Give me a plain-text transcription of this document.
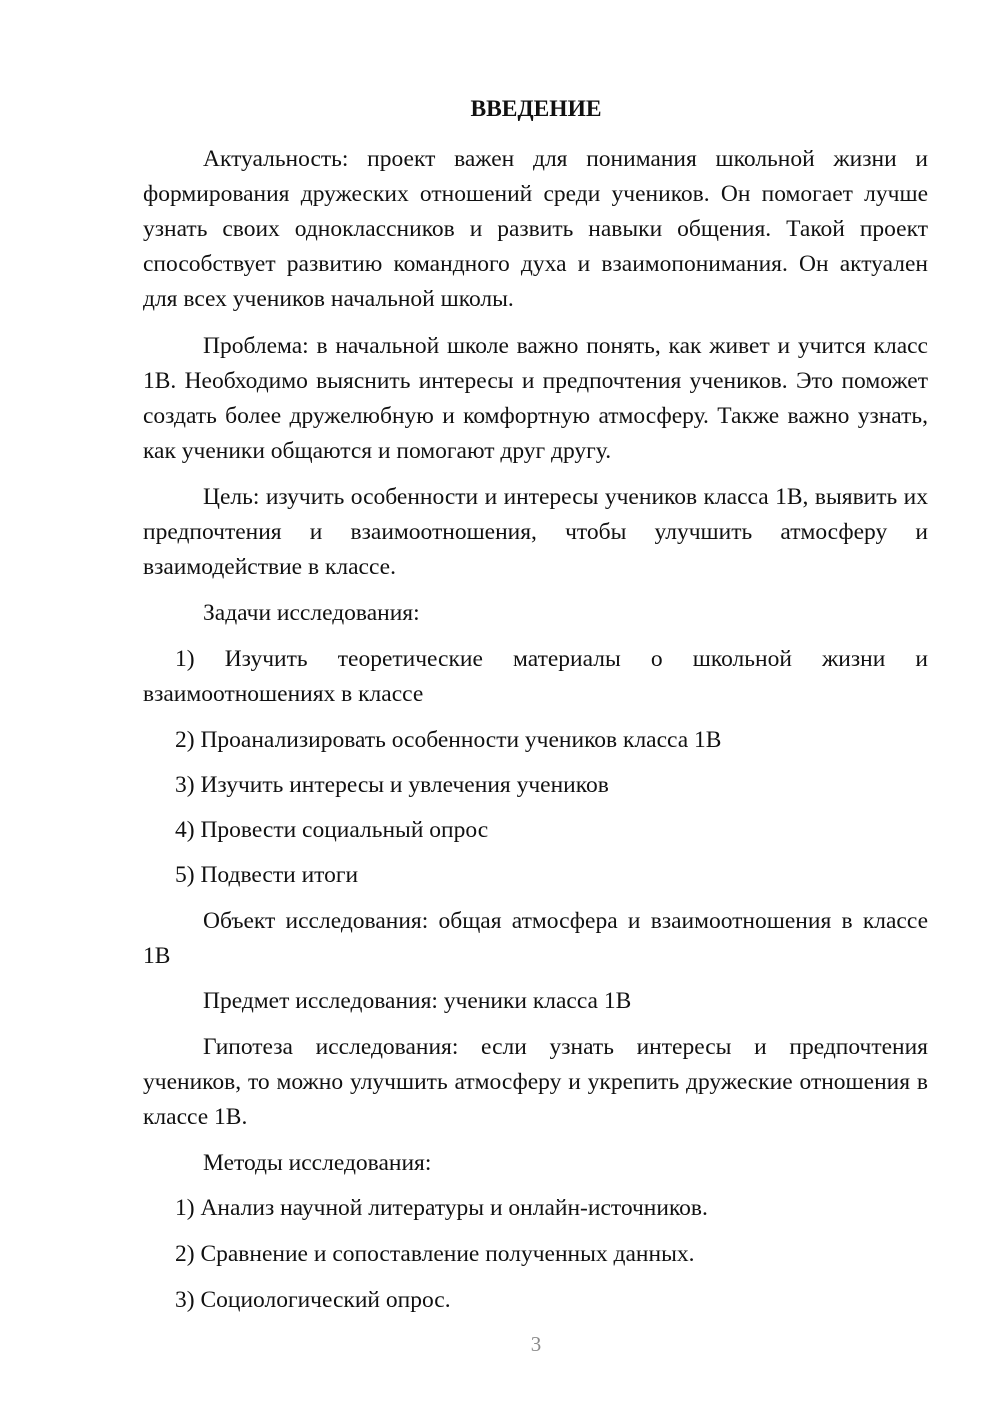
ВВЕДЕНИЕ

Актуальность: проект важен для понимания школьной жизни и формирования дружеских отношений среди учеников. Он помогает лучше узнать своих одноклассников и развить навыки общения. Такой проект способствует развитию командного духа и взаимопонимания. Он актуален для всех учеников начальной школы.

Проблема: в начальной школе важно понять, как живет и учится класс 1В. Необходимо выяснить интересы и предпочтения учеников. Это поможет создать более дружелюбную и комфортную атмосферу. Также важно узнать, как ученики общаются и помогают друг другу.

Цель: изучить особенности и интересы учеников класса 1В, выявить их предпочтения и взаимоотношения, чтобы улучшить атмосферу и взаимодействие в классе.

Задачи исследования:

1) Изучить теоретические материалы о школьной жизни и взаимоотношениях в классе

2) Проанализировать особенности учеников класса 1В

3) Изучить интересы и увлечения учеников

4) Провести социальный опрос

5) Подвести итоги

Объект исследования: общая атмосфера и взаимоотношения в классе 1В

Предмет исследования: ученики класса 1В

Гипотеза исследования: если узнать интересы и предпочтения учеников, то можно улучшить атмосферу и укрепить дружеские отношения в классе 1В.

Методы исследования:

1) Анализ научной литературы и онлайн-источников.

2) Сравнение и сопоставление полученных данных.

3) Социологический опрос.

3
